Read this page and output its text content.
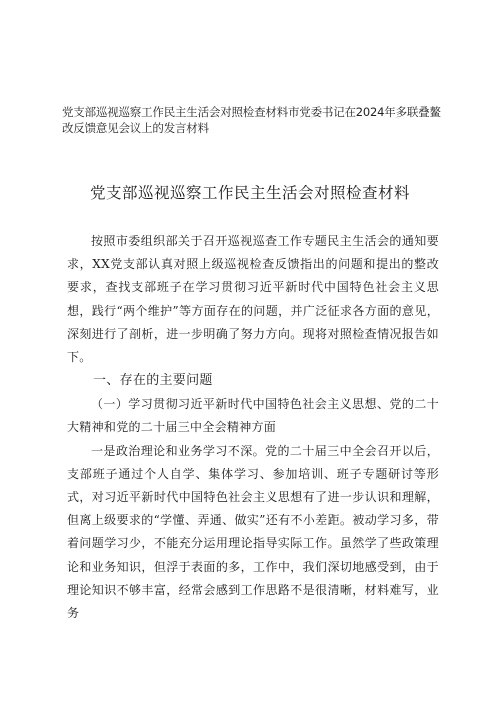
党支部巡视巡察工作民主生活会对照检查材料市党委书记在2024年多联叠鳌改反馈意见会议上的发言材料
党支部巡视巡察工作民主生活会对照检查材料

按照市委组织部关于召开巡视巡查工作专题民主生活会的通知要求，XX党支部认真对照上级巡视检查反馈指出的问题和提出的整改要求，查找支部班子在学习贯彻习近平新时代中国特色社会主义思想，践行“两个维护”等方面存在的问题，并广泛征求各方面的意见，深刻进行了剖析，进一步明确了努力方向。现将对照检查情况报告如下。

一、存在的主要问题

（一）学习贯彻习近平新时代中国特色社会主义思想、党的二十大精神和党的二十届三中全会精神方面

一是政治理论和业务学习不深。党的二十届三中全会召开以后，支部班子通过个人自学、集体学习、参加培训、班子专题研讨等形式，对习近平新时代中国特色社会主义思想有了进一步认识和理解，但离上级要求的“学懂、弄通、做实”还有不小差距。被动学习多，带着问题学习少，不能充分运用理论指导实际工作。虽然学了些政策理论和业务知识，但浮于表面的多，工作中，我们深切地感受到，由于理论知识不够丰富，经常会感到工作思路不是很清晰，材料难写，业务
